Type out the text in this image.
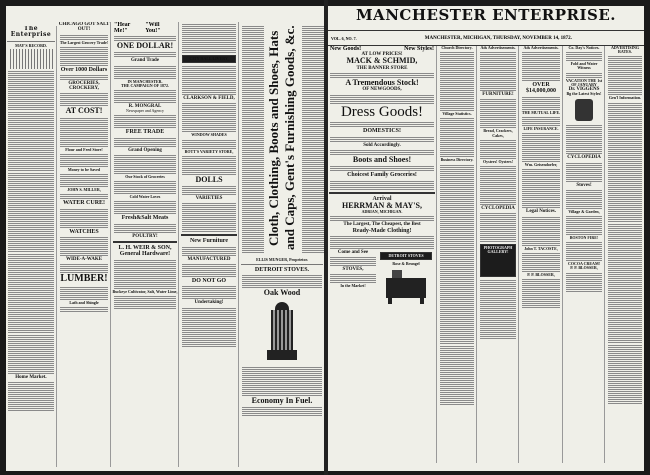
The Enterprise
MAY'S RECORD.
Home Market.
CHICAGO GOT SALT OUT!
The Largest Grocery Trade!
Over 1000 Dollars
GROCERIES,
CROCKERY,
AT COST!
Flour and Feed Store!
Money to be Saved
JOHN S. MILLER,
WATER CURE!
WATCHES
WIDE-A-WAKE
LUMBER!
Lath and Shingle
"Hear Me!"
"Will You!"
ONE DOLLAR!
Grand Trade
IN MANCHESTER.
THE CAMPAIGN OF 1872.
R. MONGRAL
Newspaper and Agency
FREE TRADE
Grand Opening
Our Stock of Groceries
Cold Water Loves
Fresh&Salt Meats
POULTRY!
L. H. WEIR & SON,
General Hardware!
Buckeye Cultivator, Salt, Water Lime,
CITY HALL LIVERY,
CLARKSON & FIELD,
WINDOW SHADES
BOTT'S VARIETY STORE,
DOLLS
VARIETIES
New Furniture
MANUFACTURED
DO NOT GO
Undertaking!
Cloth, Clothing, Boots and Shoes, Hats and Caps, Gent's Furnishing Goods, &c.
ELLIS MUNGER, Proprietor.
DETROIT STOVES.
Oak Wood
Economy In Fuel.
MANCHESTER ENTERPRISE.
VOL. 6, NO. 7.	MANCHESTER, MICHIGAN, THURSDAY, NOVEMBER 14, 1872.

New Goods!	New Styles!
AT LOW PRICES!
MACK & SCHMID,
THE BANNER STORE
A Tremendous Stock!
OF NEWGOODS,
Dress Goods!
DOMESTICS!
Sold Accordingly.
Boots and Shoes!
Choicest Family Groceries!
Arrival
HERRMAN & MAY'S,
ADRIAN, MICHIGAN.
The Largest, The Cheapest, the Best
Ready-Made Clothing!
Come and See
STOVES,
In the Market!
DETROIT STOVES
Rose & Brungel
Church Directory.
Village Statistics.
Business Directory.
Ads Advertisements.
FURNITURE!
Bread, Crackers, Cakes,
Oysters! Oysters!
CYCLOPEDIA
PHOTOGRAPH GALLERY!
Ads Advertisements.
OVER $14,000,000
THE MUTUAL LIFE.
LIFE INSURANCE.
Wm. Geisendorfer,
Legal Notices.
John T. TACOSTE,
P. P. BLOSSER,
Co. Day's Notices.
Fold and Water Witness
VACATION THE 1st OF JANUARY
Dr. VIGGENS
Bg the Latest Styles!
CYCLOPEDIA
Stoves!
Village & Garden,
BOSTON FIRE!
COCOA CREAM!
P. P. BLOSSER,
ADVERTISING RATES.
Gen'l Information.
